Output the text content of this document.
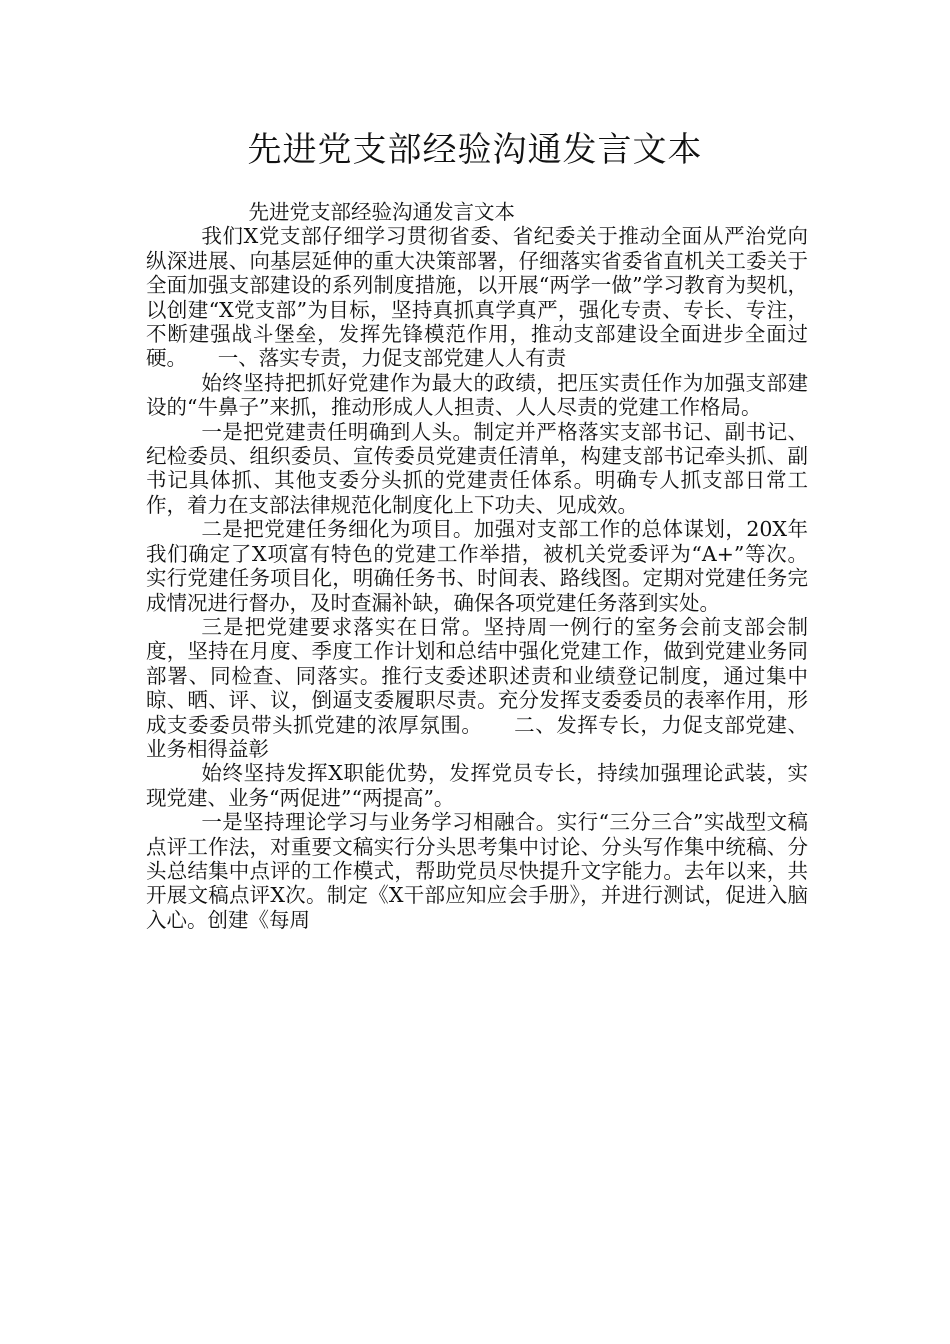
先进党支部经验沟通发言文本

先进党支部经验沟通发言文本

我们X党支部仔细学习贯彻省委、省纪委关于推动全面从严治党向纵深进展、向基层延伸的重大决策部署，仔细落实省委省直机关工委关于全面加强支部建设的系列制度措施，以开展“两学一做”学习教育为契机，以创建“X党支部”为目标，坚持真抓真学真严，强化专责、专长、专注，不断建强战斗堡垒，发挥先锋模范作用，推动支部建设全面进步全面过硬。　　一、落实专责，力促支部党建人人有责

始终坚持把抓好党建作为最大的政绩，把压实责任作为加强支部建设的“牛鼻子”来抓，推动形成人人担责、人人尽责的党建工作格局。

一是把党建责任明确到人头。制定并严格落实支部书记、副书记、纪检委员、组织委员、宣传委员党建责任清单，构建支部书记牵头抓、副书记具体抓、其他支委分头抓的党建责任体系。明确专人抓支部日常工作，着力在支部法律规范化制度化上下功夫、见成效。

二是把党建任务细化为项目。加强对支部工作的总体谋划，20X年我们确定了X项富有特色的党建工作举措，被机关党委评为“A+”等次。实行党建任务项目化，明确任务书、时间表、路线图。定期对党建任务完成情况进行督办，及时查漏补缺，确保各项党建任务落到实处。

三是把党建要求落实在日常。坚持周一例行的室务会前支部会制度，坚持在月度、季度工作计划和总结中强化党建工作，做到党建业务同部署、同检查、同落实。推行支委述职述责和业绩登记制度，通过集中晾、晒、评、议，倒逼支委履职尽责。充分发挥支委委员的表率作用，形成支委委员带头抓党建的浓厚氛围。　　二、发挥专长，力促支部党建、业务相得益彰

始终坚持发挥X职能优势，发挥党员专长，持续加强理论武装，实现党建、业务“两促进”“两提高”。

一是坚持理论学习与业务学习相融合。实行“三分三合”实战型文稿点评工作法，对重要文稿实行分头思考集中讨论、分头写作集中统稿、分头总结集中点评的工作模式，帮助党员尽快提升文字能力。去年以来，共开展文稿点评X次。制定《X干部应知应会手册》，并进行测试，促进入脑入心。创建《每周
